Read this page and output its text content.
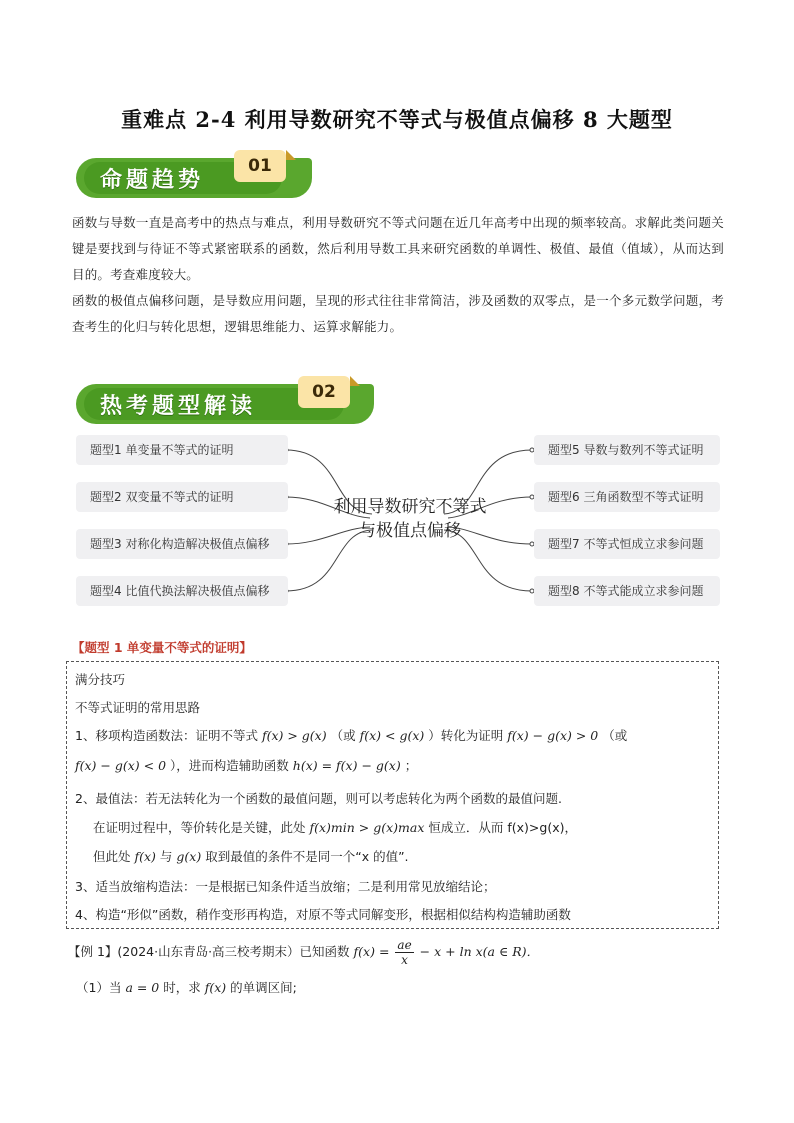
重难点 2-4 利用导数研究不等式与极值点偏移 8 大题型
命题趋势
01

函数与导数一直是高考中的热点与难点，利用导数研究不等式问题在近几年高考中出现的频率较高。求解此类问题关键是要找到与待证不等式紧密联系的函数，然后利用导数工具来研究函数的单调性、极值、最值（值域），从而达到目的。考查难度较大。

函数的极值点偏移问题，是导数应用问题，呈现的形式往往非常简洁，涉及函数的双零点，是一个多元数学问题，考查考生的化归与转化思想，逻辑思维能力、运算求解能力。

热考题型解读
02
题型1 单变量不等式的证明
题型2 双变量不等式的证明
题型3 对称化构造解决极值点偏移
题型4 比值代换法解决极值点偏移
利用导数研究不等式与极值点偏移
题型5 导数与数列不等式证明
题型6 三角函数型不等式证明
题型7 不等式恒成立求参问题
题型8 不等式能成立求参问题
【题型 1 单变量不等式的证明】
满分技巧
不等式证明的常用思路
1、移项构造函数法：证明不等式 f(x) > g(x) （或 f(x) < g(x) ）转化为证明 f(x) − g(x) > 0 （或
f(x) − g(x) < 0 ），进而构造辅助函数 h(x) = f(x) − g(x) ；
2、最值法：若无法转化为一个函数的最值问题，则可以考虑转化为两个函数的最值问题.
在证明过程中，等价转化是关键，此处 f(x)min > g(x)max 恒成立．从而 f(x)>g(x)，
但此处 f(x) 与 g(x) 取到最值的条件不是同一个“x 的值”.
3、适当放缩构造法：一是根据已知条件适当放缩；二是利用常见放缩结论；
4、构造“形似”函数，稍作变形再构造，对原不等式同解变形，根据相似结构构造辅助函数
【例 1】(2024·山东青岛·高三校考期末）已知函数 $f(x) = \frac{ae}{x} - x + \ln x(a$ ∈ R)．
（1）当 a = 0 时，求 f(x) 的单调区间;
